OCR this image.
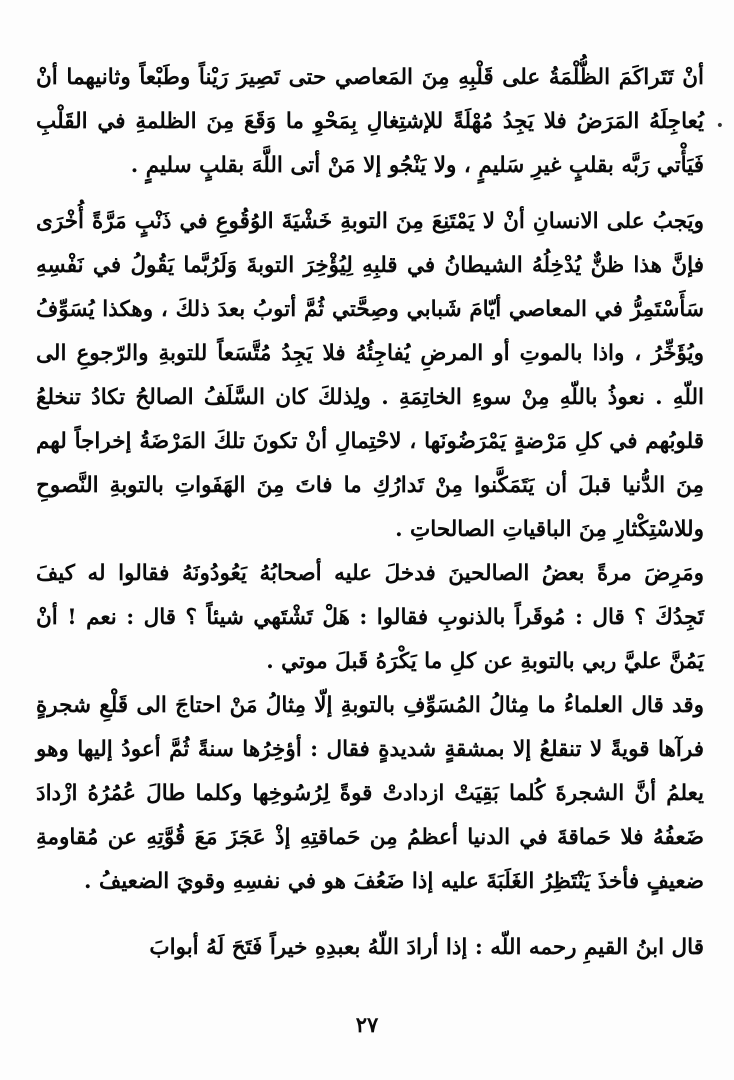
أنْ تَتَراكَمَ الظُّلْمَةُ على قَلْبِهِ مِنَ المَعاصي حتى تَصِيرَ رَيْناً وطَبْعاً وثانيهما أنْ يُعاجِلَهُ المَرَضُ فلا يَجِدُ مُهْلَةً للإشتِغالِ بِمَحْوِ ما وَقَعَ مِنَ الظلمةِ في القَلْبِ فَيَأْتي رَبَّه بقلبٍ غيرِ سَليمٍ ، ولا يَنْجُو إلا مَنْ أتى اللَّهَ بقلبٍ سليمٍ .

ويَجبُ على الانسانِ أنْ لا يَمْتَنِعَ مِنَ التوبةِ خَشْيَةَ الوُقُوعِ في ذَنْبٍ مَرَّةً أُخْرَى فإنَّ هذا ظنٌّ يُدْخِلُهُ الشيطانُ في قلبِهِ لِيُؤْخِرَ التوبةَ وَلَرُبَّما يَقُولُ في نَفْسِهِ سَأَسْتَمِرُّ في المعاصي أيّامَ شَبابي وصِحَّتي ثُمَّ أتوبُ بعدَ ذلكَ ، وهكذا يُسَوِّفُ ويُؤَخِّرُ ، واذا بالموتِ أو المرضِ يُفاجِئُهُ فلا يَجِدُ مُتَّسَعاً للتوبةِ والرّجوعِ الى اللّهِ . نعوذُ باللّهِ مِنْ سوءِ الخاتِمَةِ . ولِذلكَ كان السَّلَفُ الصالحُ تكادُ تنخلعُ قلوبُهم في كلِ مَرْضةٍ يَمْرَضُونَها ، لاحْتِمالِ أنْ تكونَ تلكَ المَرْضَةُ إخراجاً لهم مِنَ الدُّنيا قبلَ أن يَتَمَكَّنوا مِنْ تَدارُكِ ما فاتَ مِنَ الهَفَواتِ بالتوبةِ النَّصوحِ وللاسْتِكْثارِ مِنَ الباقياتِ الصالحاتِ .

ومَرِضَ مرةً بعضُ الصالحينَ فدخلَ عليه أصحابُهُ يَعُودُونَهُ فقالوا له كيفَ تَجِدُكَ ؟ قال : مُوقَراً بالذنوبِ فقالوا : هَلْ تَشْتَهي شيئاً ؟ قال : نعم ! أنْ يَمُنَّ عليَّ ربي بالتوبةِ عن كلِ ما يَكْرَهُ قَبلَ موتي .

وقد قال العلماءُ ما مِثالُ المُسَوِّفِ بالتوبةِ إلّا مِثالُ مَنْ احتاجَ الى قَلْعِ شجرةٍ فرآها قويةً لا تنقلعُ إلا بمشقةٍ شديدةٍ فقال : أؤخِرُها سنةً ثُمَّ أعودُ إليها وهو يعلمُ أنَّ الشجرةَ كُلما بَقِيَتْ ازدادتْ قوةً لِرُسُوخِها وكلما طالَ عُمُرُهُ ازْدادَ ضَعفُهُ فلا حَماقةَ في الدنيا أعظمُ مِن حَماقتِهِ إذْ عَجَزَ مَعَ قُوَّتِهِ عن مُقاومةِ ضعيفٍ فأخذَ يَنْتَظِرُ الغَلَبَةَ عليه إذا ضَعُفَ هو في نفسِهِ وقويَ الضعيفُ .

قال ابنُ القيمِ رحمه اللّه : إذا أرادَ اللّهُ بعبدِهِ خيراً فَتَحَ لَهُ أبوابَ

•
٢٧
